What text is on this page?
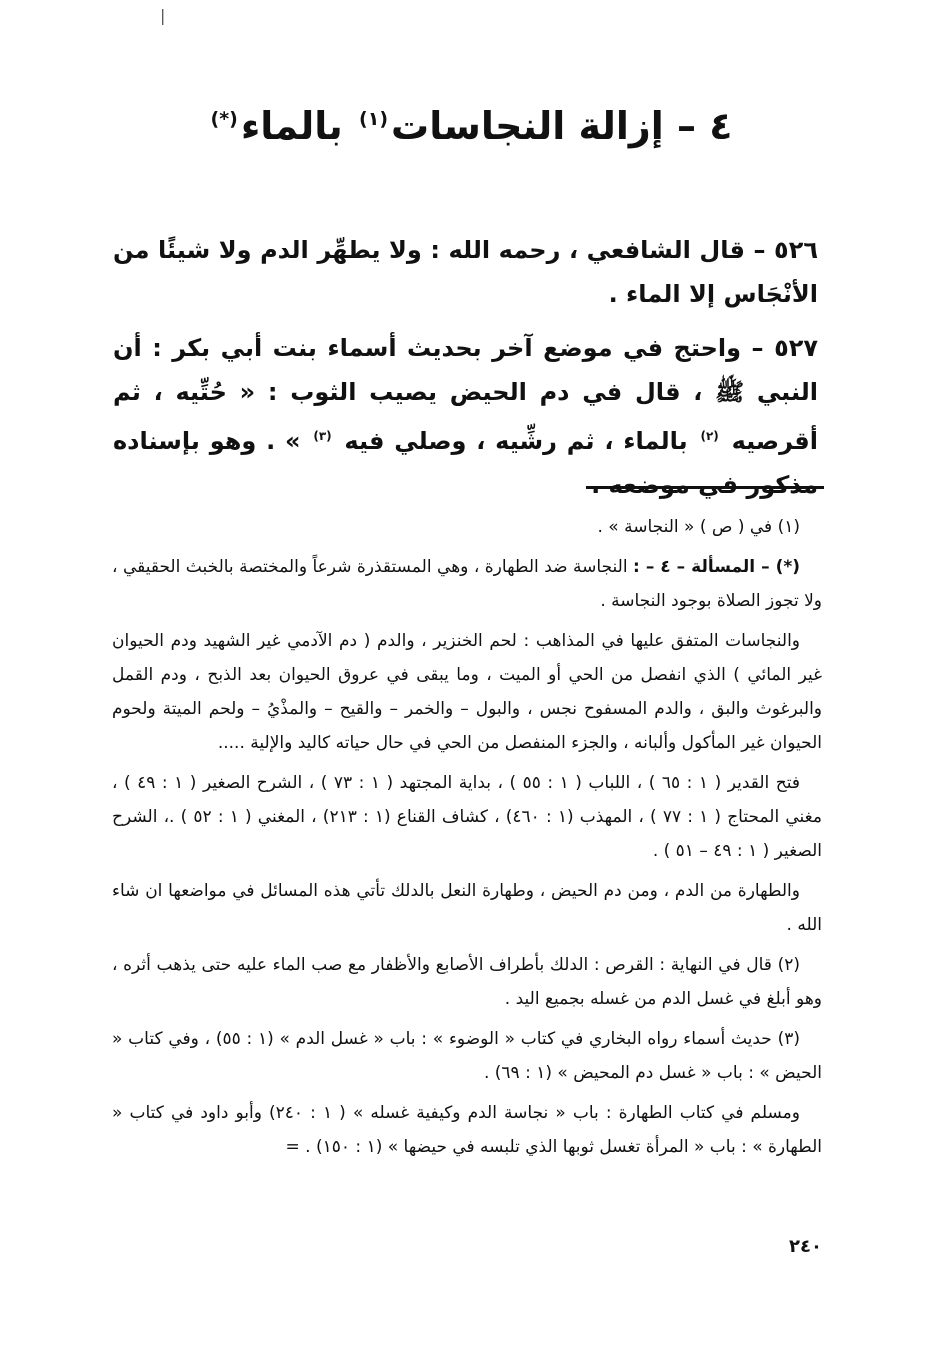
|
٤ – إزالة النجاسات$^{(١)}$ بالماء(*)
٥٢٦ – قال الشافعي ، رحمه الله : ولا يطهِّر الدم ولا شيئًا من الأنْجَاس إلا الماء .
٥٢٧ – واحتج في موضع آخر بحديث أسماء بنت أبي بكر : أن النبي ﷺ ، قال في دم الحيض يصيب الثوب : « حُتِّيه ، ثم أقرصيه $^{(٢)}$ بالماء ، ثم رشِّيه ، وصلي فيه $^{(٣)}$ » . وهو بإسناده مذكور في موضعه .

(١) في ( ص ) « النجاسة » .

(*) – المسألة – ٤ – : النجاسة ضد الطهارة ، وهي المستقذرة شرعاً والمختصة بالخبث الحقيقي ، ولا تجوز الصلاة بوجود النجاسة .

والنجاسات المتفق عليها في المذاهب : لحم الخنزير ، والدم ( دم الآدمي غير الشهيد ودم الحيوان غير المائي ) الذي انفصل من الحي أو الميت ، وما يبقى في عروق الحيوان بعد الذبح ، ودم القمل والبرغوث والبق ، والدم المسفوح نجس ، والبول – والخمر – والقيح – والمذْيُ – ولحم الميتة ولحوم الحيوان غير المأكول وألبانه ، والجزء المنفصل من الحي في حال حياته كاليد والإلية .....

فتح القدير ( ١ : ٦٥ ) ، اللباب ( ١ : ٥٥ ) ، بداية المجتهد ( ١ : ٧٣ ) ، الشرح الصغير ( ١ : ٤٩ ) ، مغني المحتاج ( ١ : ٧٧ ) ، المهذب (١ : ٤٦٠) ، كشاف القناع (١ : ٢١٣) ، المغني ( ١ : ٥٢ ) .، الشرح الصغير ( ١ : ٤٩ – ٥١ ) .

والطهارة من الدم ، ومن دم الحيض ، وطهارة النعل بالدلك تأتي هذه المسائل في مواضعها ان شاء الله .

(٢) قال في النهاية : القرص : الدلك بأطراف الأصابع والأظفار مع صب الماء عليه حتى يذهب أثره ، وهو أبلغ في غسل الدم من غسله بجميع اليد .

(٣) حديث أسماء رواه البخاري في كتاب « الوضوء » : باب « غسل الدم » (١ : ٥٥) ، وفي كتاب « الحيض » : باب « غسل دم المحيض » (١ : ٦٩) .

ومسلم في كتاب الطهارة : باب « نجاسة الدم وكيفية غسله » ( ١ : ٢٤٠) وأبو داود في كتاب « الطهارة » : باب « المرأة تغسل ثوبها الذي تلبسه في حيضها » (١ : ١٥٠) . =

٢٤٠
